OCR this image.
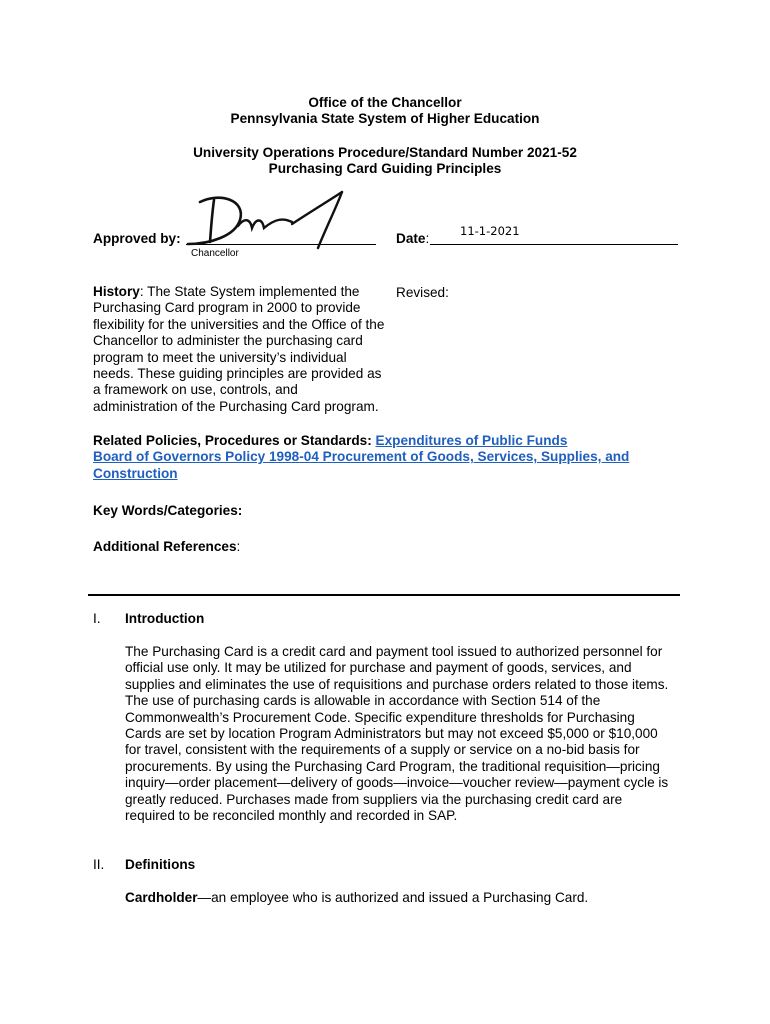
Office of the Chancellor
Pennsylvania State System of Higher Education
University Operations Procedure/Standard Number 2021-52
Purchasing Card Guiding Principles
Approved by:
Chancellor
Date:	11-1-2021
History: The State System implemented the
Purchasing Card program in 2000 to provide
flexibility for the universities and the Office of the
Chancellor to administer the purchasing card
program to meet the university’s individual
needs. These guiding principles are provided as
a framework on use, controls, and
administration of the Purchasing Card program.
Revised:
Related Policies, Procedures or Standards: Expenditures of Public Funds
Board of Governors Policy 1998-04 Procurement of Goods, Services, Supplies, and
Construction
Key Words/Categories:
Additional References:
I. Introduction
The Purchasing Card is a credit card and payment tool issued to authorized personnel for
official use only. It may be utilized for purchase and payment of goods, services, and
supplies and eliminates the use of requisitions and purchase orders related to those items.
The use of purchasing cards is allowable in accordance with Section 514 of the
Commonwealth’s Procurement Code. Specific expenditure thresholds for Purchasing
Cards are set by location Program Administrators but may not exceed $5,000 or $10,000
for travel, consistent with the requirements of a supply or service on a no-bid basis for
procurements. By using the Purchasing Card Program, the traditional requisition—pricing
inquiry—order placement—delivery of goods—invoice—voucher review—payment cycle is
greatly reduced. Purchases made from suppliers via the purchasing credit card are
required to be reconciled monthly and recorded in SAP.
II. Definitions
Cardholder—an employee who is authorized and issued a Purchasing Card.
